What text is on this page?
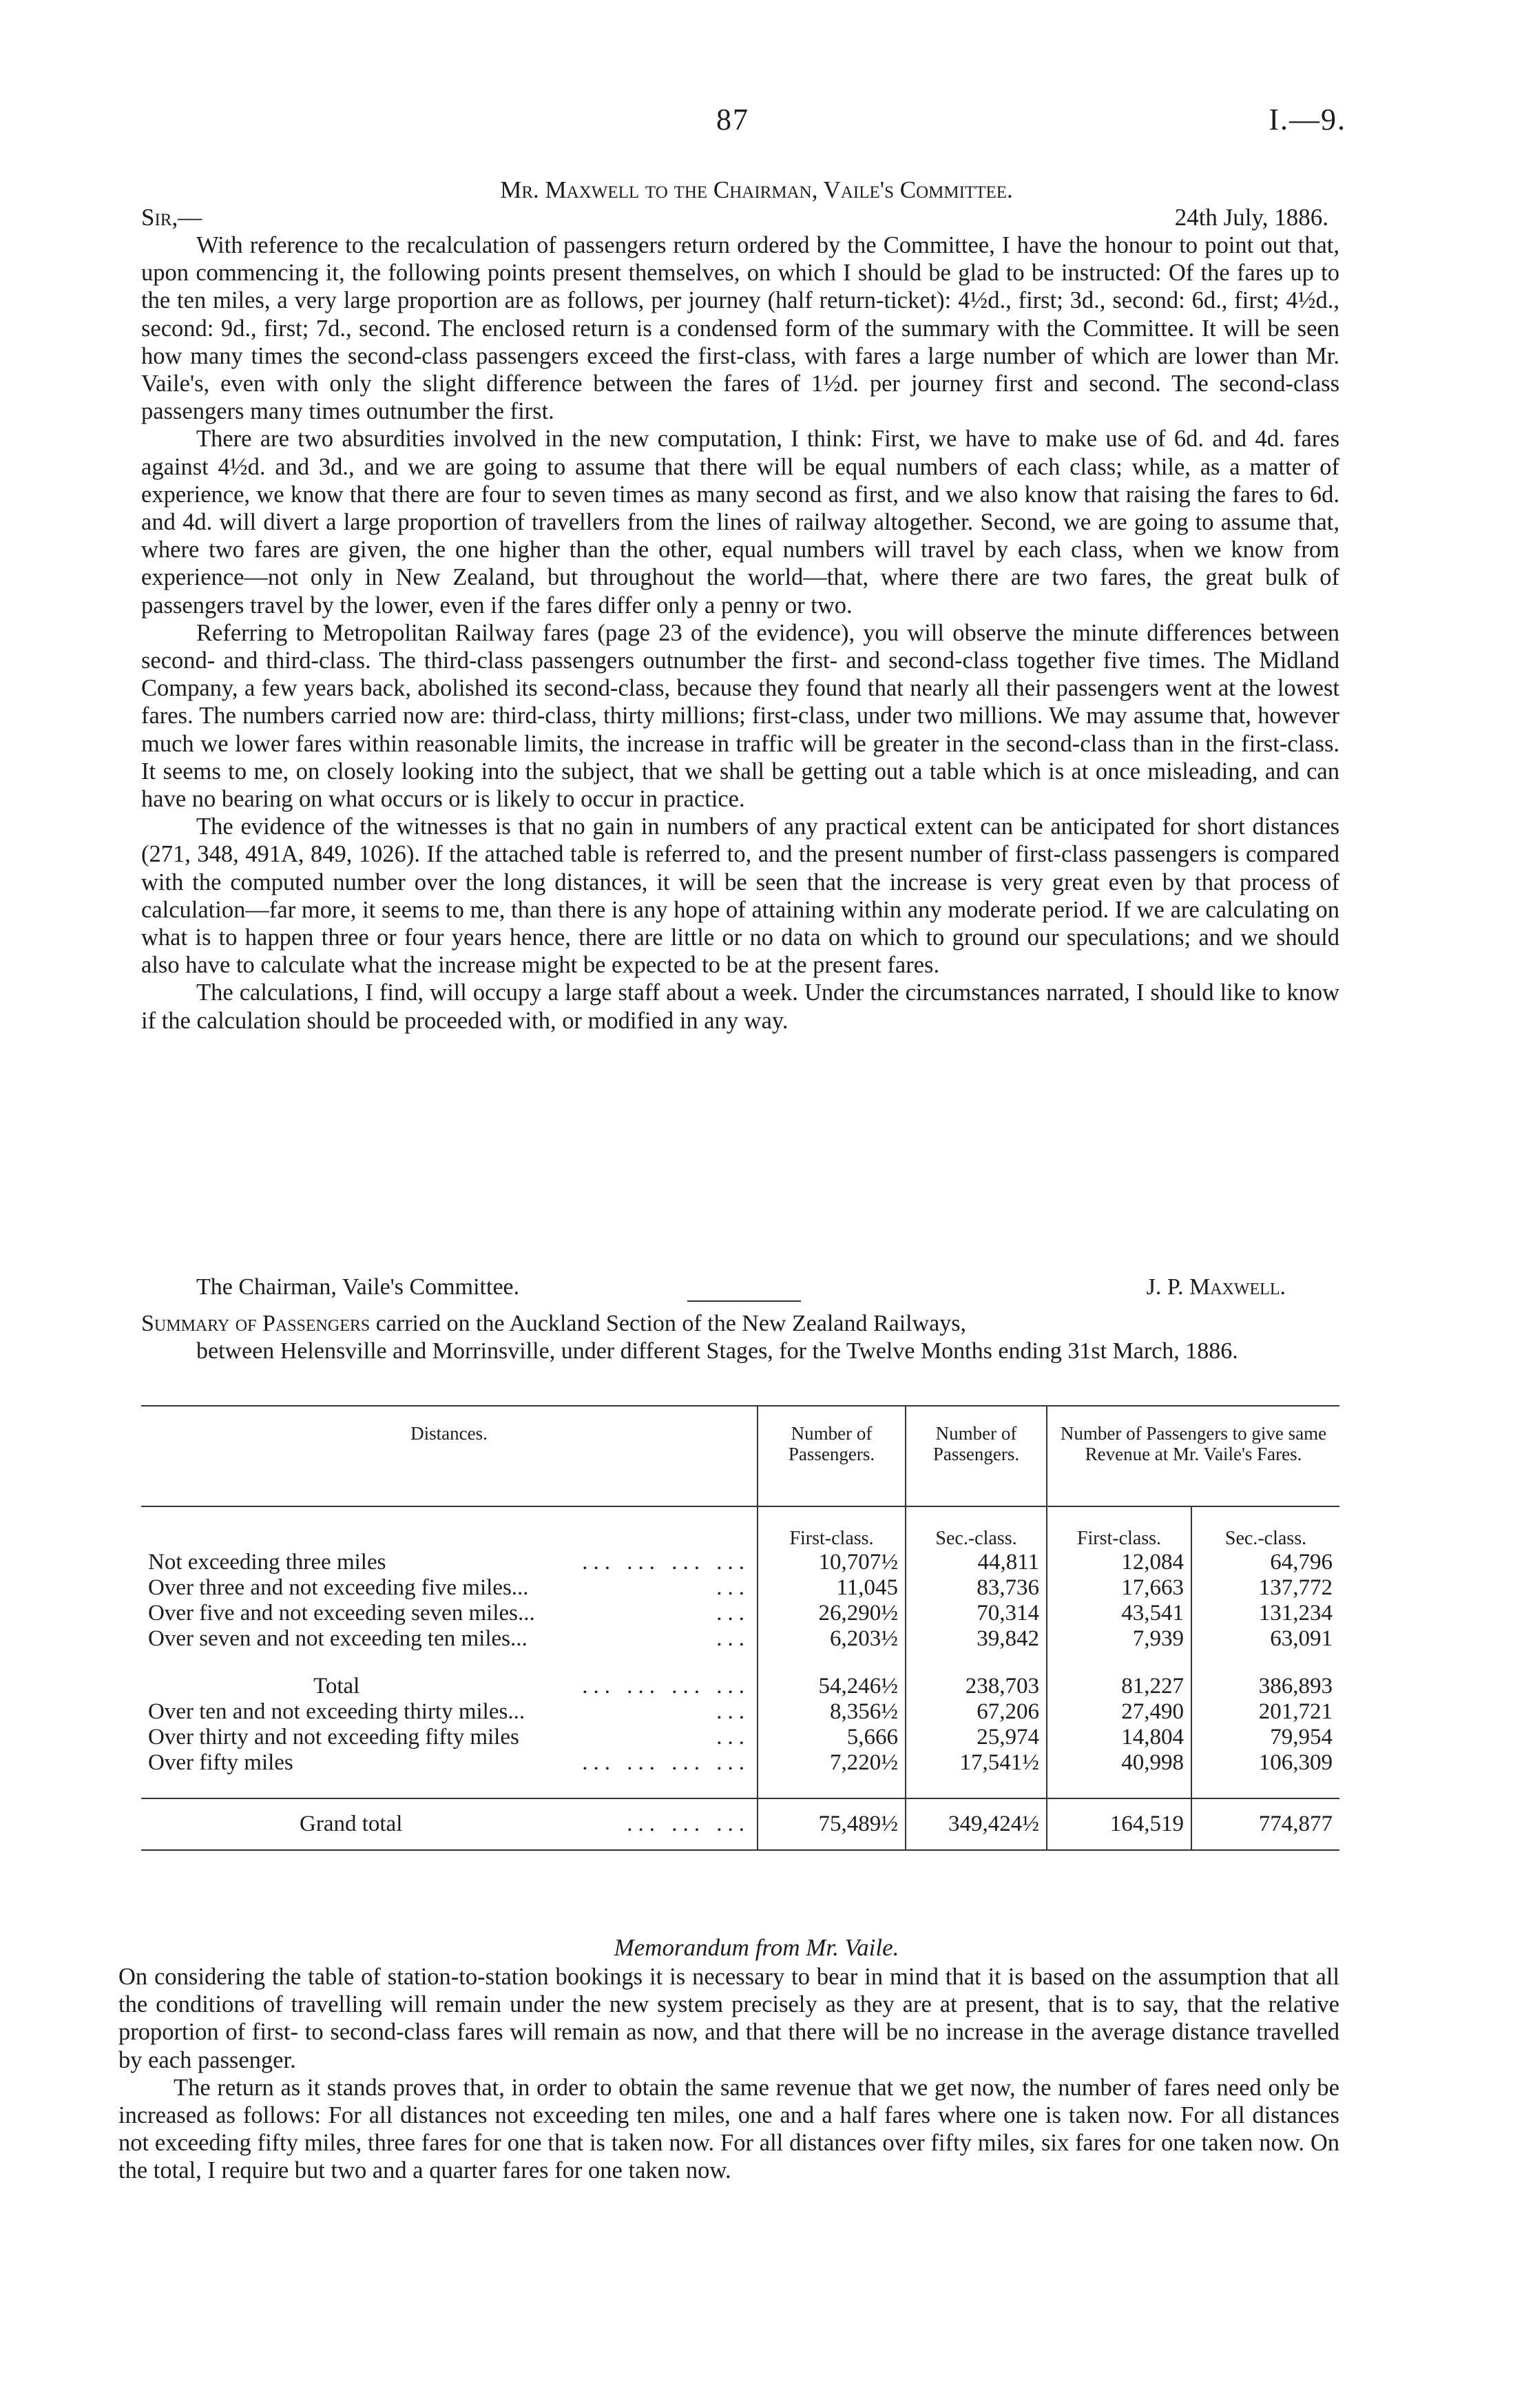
87	I.—9.
Mr. Maxwell to the Chairman, Vaile's Committee.
Sir,—	24th July, 1886.

With reference to the recalculation of passengers return ordered by the Committee, I have the honour to point out that, upon commencing it, the following points present themselves, on which I should be glad to be instructed: Of the fares up to the ten miles, a very large proportion are as follows, per journey (half return-ticket): 4½d., first; 3d., second: 6d., first; 4½d., second: 9d., first; 7d., second. The enclosed return is a condensed form of the summary with the Committee. It will be seen how many times the second-class passengers exceed the first-class, with fares a large number of which are lower than Mr. Vaile's, even with only the slight difference between the fares of 1½d. per journey first and second. The second-class passengers many times outnumber the first.

There are two absurdities involved in the new computation, I think: First, we have to make use of 6d. and 4d. fares against 4½d. and 3d., and we are going to assume that there will be equal numbers of each class; while, as a matter of experience, we know that there are four to seven times as many second as first, and we also know that raising the fares to 6d. and 4d. will divert a large proportion of travellers from the lines of railway altogether. Second, we are going to assume that, where two fares are given, the one higher than the other, equal numbers will travel by each class, when we know from experience—not only in New Zealand, but throughout the world—that, where there are two fares, the great bulk of passengers travel by the lower, even if the fares differ only a penny or two.

Referring to Metropolitan Railway fares (page 23 of the evidence), you will observe the minute differences between second- and third-class. The third-class passengers outnumber the first- and second-class together five times. The Midland Company, a few years back, abolished its second-class, because they found that nearly all their passengers went at the lowest fares. The numbers carried now are: third-class, thirty millions; first-class, under two millions. We may assume that, however much we lower fares within reasonable limits, the increase in traffic will be greater in the second-class than in the first-class. It seems to me, on closely looking into the subject, that we shall be getting out a table which is at once misleading, and can have no bearing on what occurs or is likely to occur in practice.

The evidence of the witnesses is that no gain in numbers of any practical extent can be anticipated for short distances (271, 348, 491A, 849, 1026). If the attached table is referred to, and the present number of first-class passengers is compared with the computed number over the long distances, it will be seen that the increase is very great even by that process of calculation—far more, it seems to me, than there is any hope of attaining within any moderate period. If we are calculating on what is to happen three or four years hence, there are little or no data on which to ground our speculations; and we should also have to calculate what the increase might be expected to be at the present fares.

The calculations, I find, will occupy a large staff about a week. Under the circumstances narrated, I should like to know if the calculation should be proceeded with, or modified in any way.

The Chairman, Vaile's Committee.	J. P. Maxwell.
Summary of Passengers carried on the Auckland Section of the New Zealand Railways,
between Helensville and Morrinsville, under different Stages, for the Twelve Months ending 31st March, 1886.
Distances.	Number of Passengers.	Number of Passengers.	Number of Passengers to give same Revenue at Mr. Vaile's Fares.	
	First-class.	Sec.-class.	First-class.	Sec.-class.
Not exceeding three miles ... ... ... ...	10,707½	44,811	12,084	64,796
Over three and not exceeding five miles... ...	11,045	83,736	17,663	137,772
Over five and not exceeding seven miles... ...	26,290½	70,314	43,541	131,234
Over seven and not exceeding ten miles... ...	6,203½	39,842	7,939	63,091

Total ... ... ... ...	54,246½	238,703	81,227	386,893
Over ten and not exceeding thirty miles... ...	8,356½	67,206	27,490	201,721
Over thirty and not exceeding fifty miles ...	5,666	25,974	14,804	79,954
Over fifty miles ... ... ... ...	7,220½	17,541½	40,998	106,309

Grand total ... ... ...	75,489½	349,424½	164,519	774,877
Memorandum from Mr. Vaile.

On considering the table of station-to-station bookings it is necessary to bear in mind that it is based on the assumption that all the conditions of travelling will remain under the new system precisely as they are at present, that is to say, that the relative proportion of first- to second-class fares will remain as now, and that there will be no increase in the average distance travelled by each passenger.

The return as it stands proves that, in order to obtain the same revenue that we get now, the number of fares need only be increased as follows: For all distances not exceeding ten miles, one and a half fares where one is taken now. For all distances not exceeding fifty miles, three fares for one that is taken now. For all distances over fifty miles, six fares for one taken now. On the total, I require but two and a quarter fares for one taken now.
